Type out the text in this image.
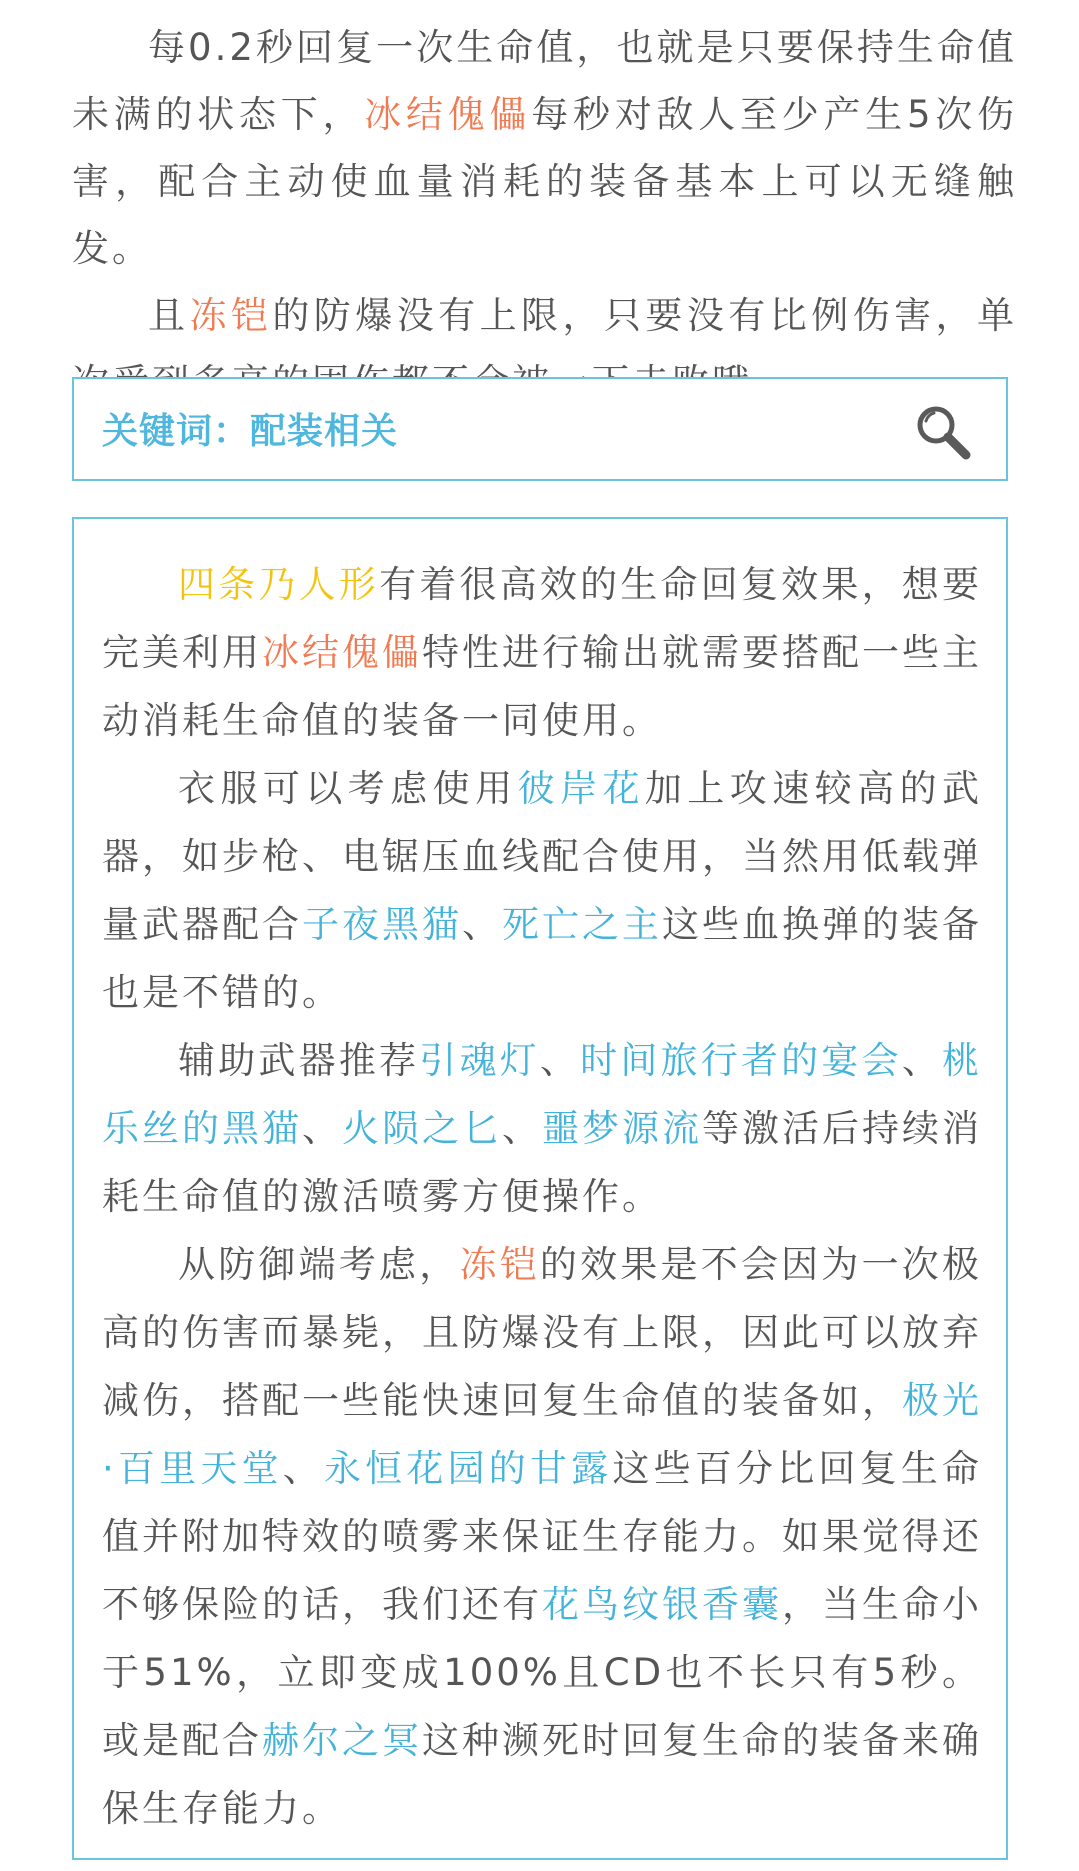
每0.2秒回复一次生命值，也就是只要保持生命值未满的状态下，冰结傀儡每秒对敌人至少产生5次伤害，配合主动使血量消耗的装备基本上可以无缝触发。

且冻铠的防爆没有上限，只要没有比例伤害，单

关键词：配装相关

四条乃人形有着很高效的生命回复效果，想要完美利用冰结傀儡特性进行输出就需要搭配一些主动消耗生命值的装备一同使用。

衣服可以考虑使用彼岸花加上攻速较高的武器，如步枪、电锯压血线配合使用，当然用低载弹量武器配合子夜黑猫、死亡之主这些血换弹的装备也是不错的。

辅助武器推荐引魂灯、时间旅行者的宴会、桃乐丝的黑猫、火陨之匕、噩梦源流等激活后持续消耗生命值的激活喷雾方便操作。

从防御端考虑，冻铠的效果是不会因为一次极高的伤害而暴毙，且防爆没有上限，因此可以放弃减伤，搭配一些能快速回复生命值的装备如，极光·百里天堂、永恒花园的甘露这些百分比回复生命值并附加特效的喷雾来保证生存能力。如果觉得还不够保险的话，我们还有花鸟纹银香囊，当生命小于51%，立即变成100%且CD也不长只有5秒。或是配合赫尔之冥这种濒死时回复生命的装备来确保生存能力。
